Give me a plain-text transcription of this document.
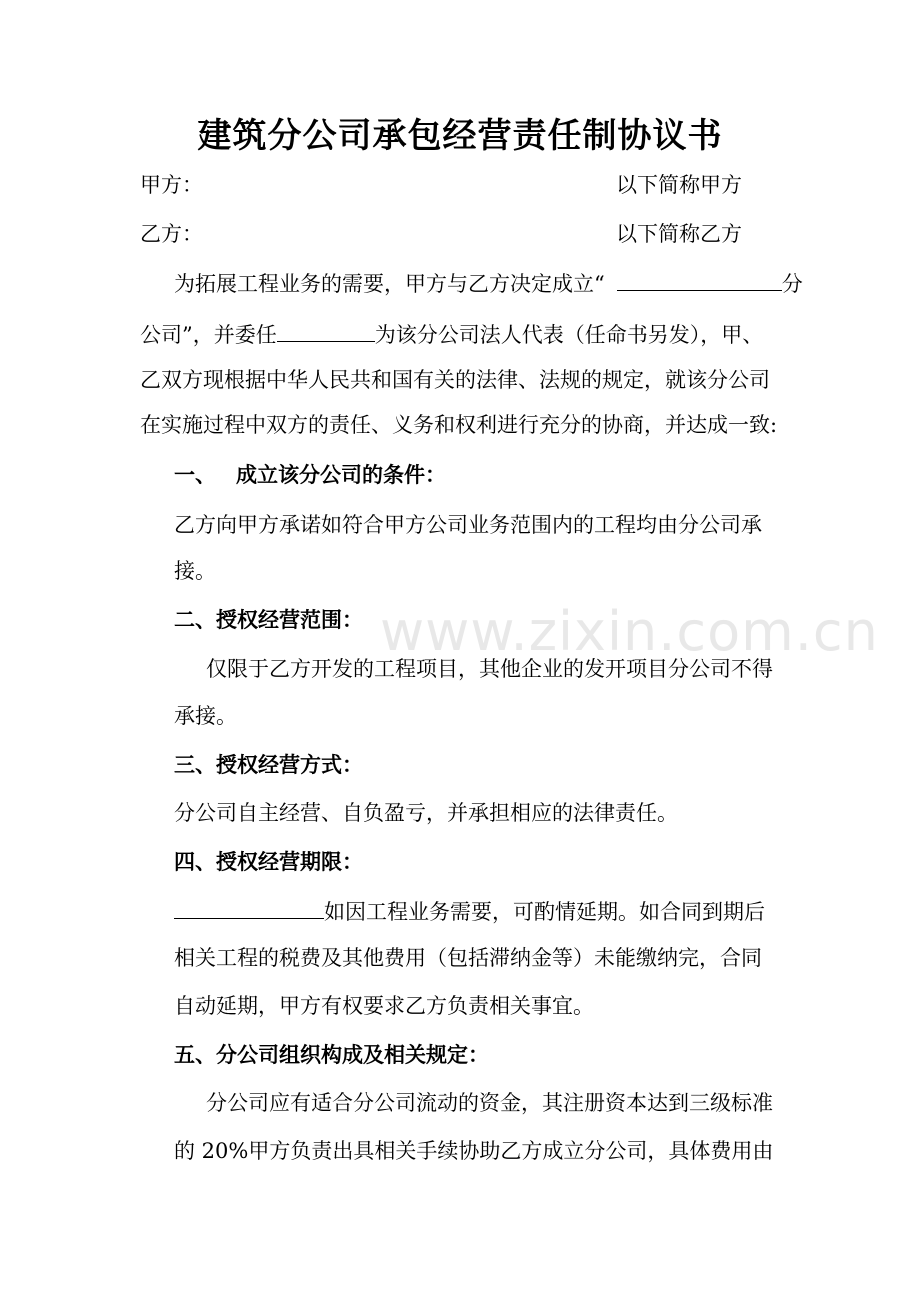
www.zixin.com.cn
建筑分公司承包经营责任制协议书
甲方：	以下简称甲方
乙方：	以下简称乙方
为拓展工程业务的需要，甲方与乙方决定成立“	分
公司”，并委任	为该分公司法人代表（任命书另发），甲、
乙双方现根据中华人民共和国有关的法律、法规的规定，就该分公司
在实施过程中双方的责任、义务和权利进行充分的协商，并达成一致:
一、 成立该分公司的条件：
乙方向甲方承诺如符合甲方公司业务范围内的工程均由分公司承
接。
二、授权经营范围：
仅限于乙方开发的工程项目，其他企业的发开项目分公司不得
承接。
三、授权经营方式：
分公司自主经营、自负盈亏，并承担相应的法律责任。
四、授权经营期限：
如因工程业务需要，可酌情延期。如合同到期后
相关工程的税费及其他费用（包括滞纳金等）未能缴纳完，合同
自动延期，甲方有权要求乙方负责相关事宜。
五、分公司组织构成及相关规定：
分公司应有适合分公司流动的资金，其注册资本达到三级标准
的 20%甲方负责出具相关手续协助乙方成立分公司，具体费用由
